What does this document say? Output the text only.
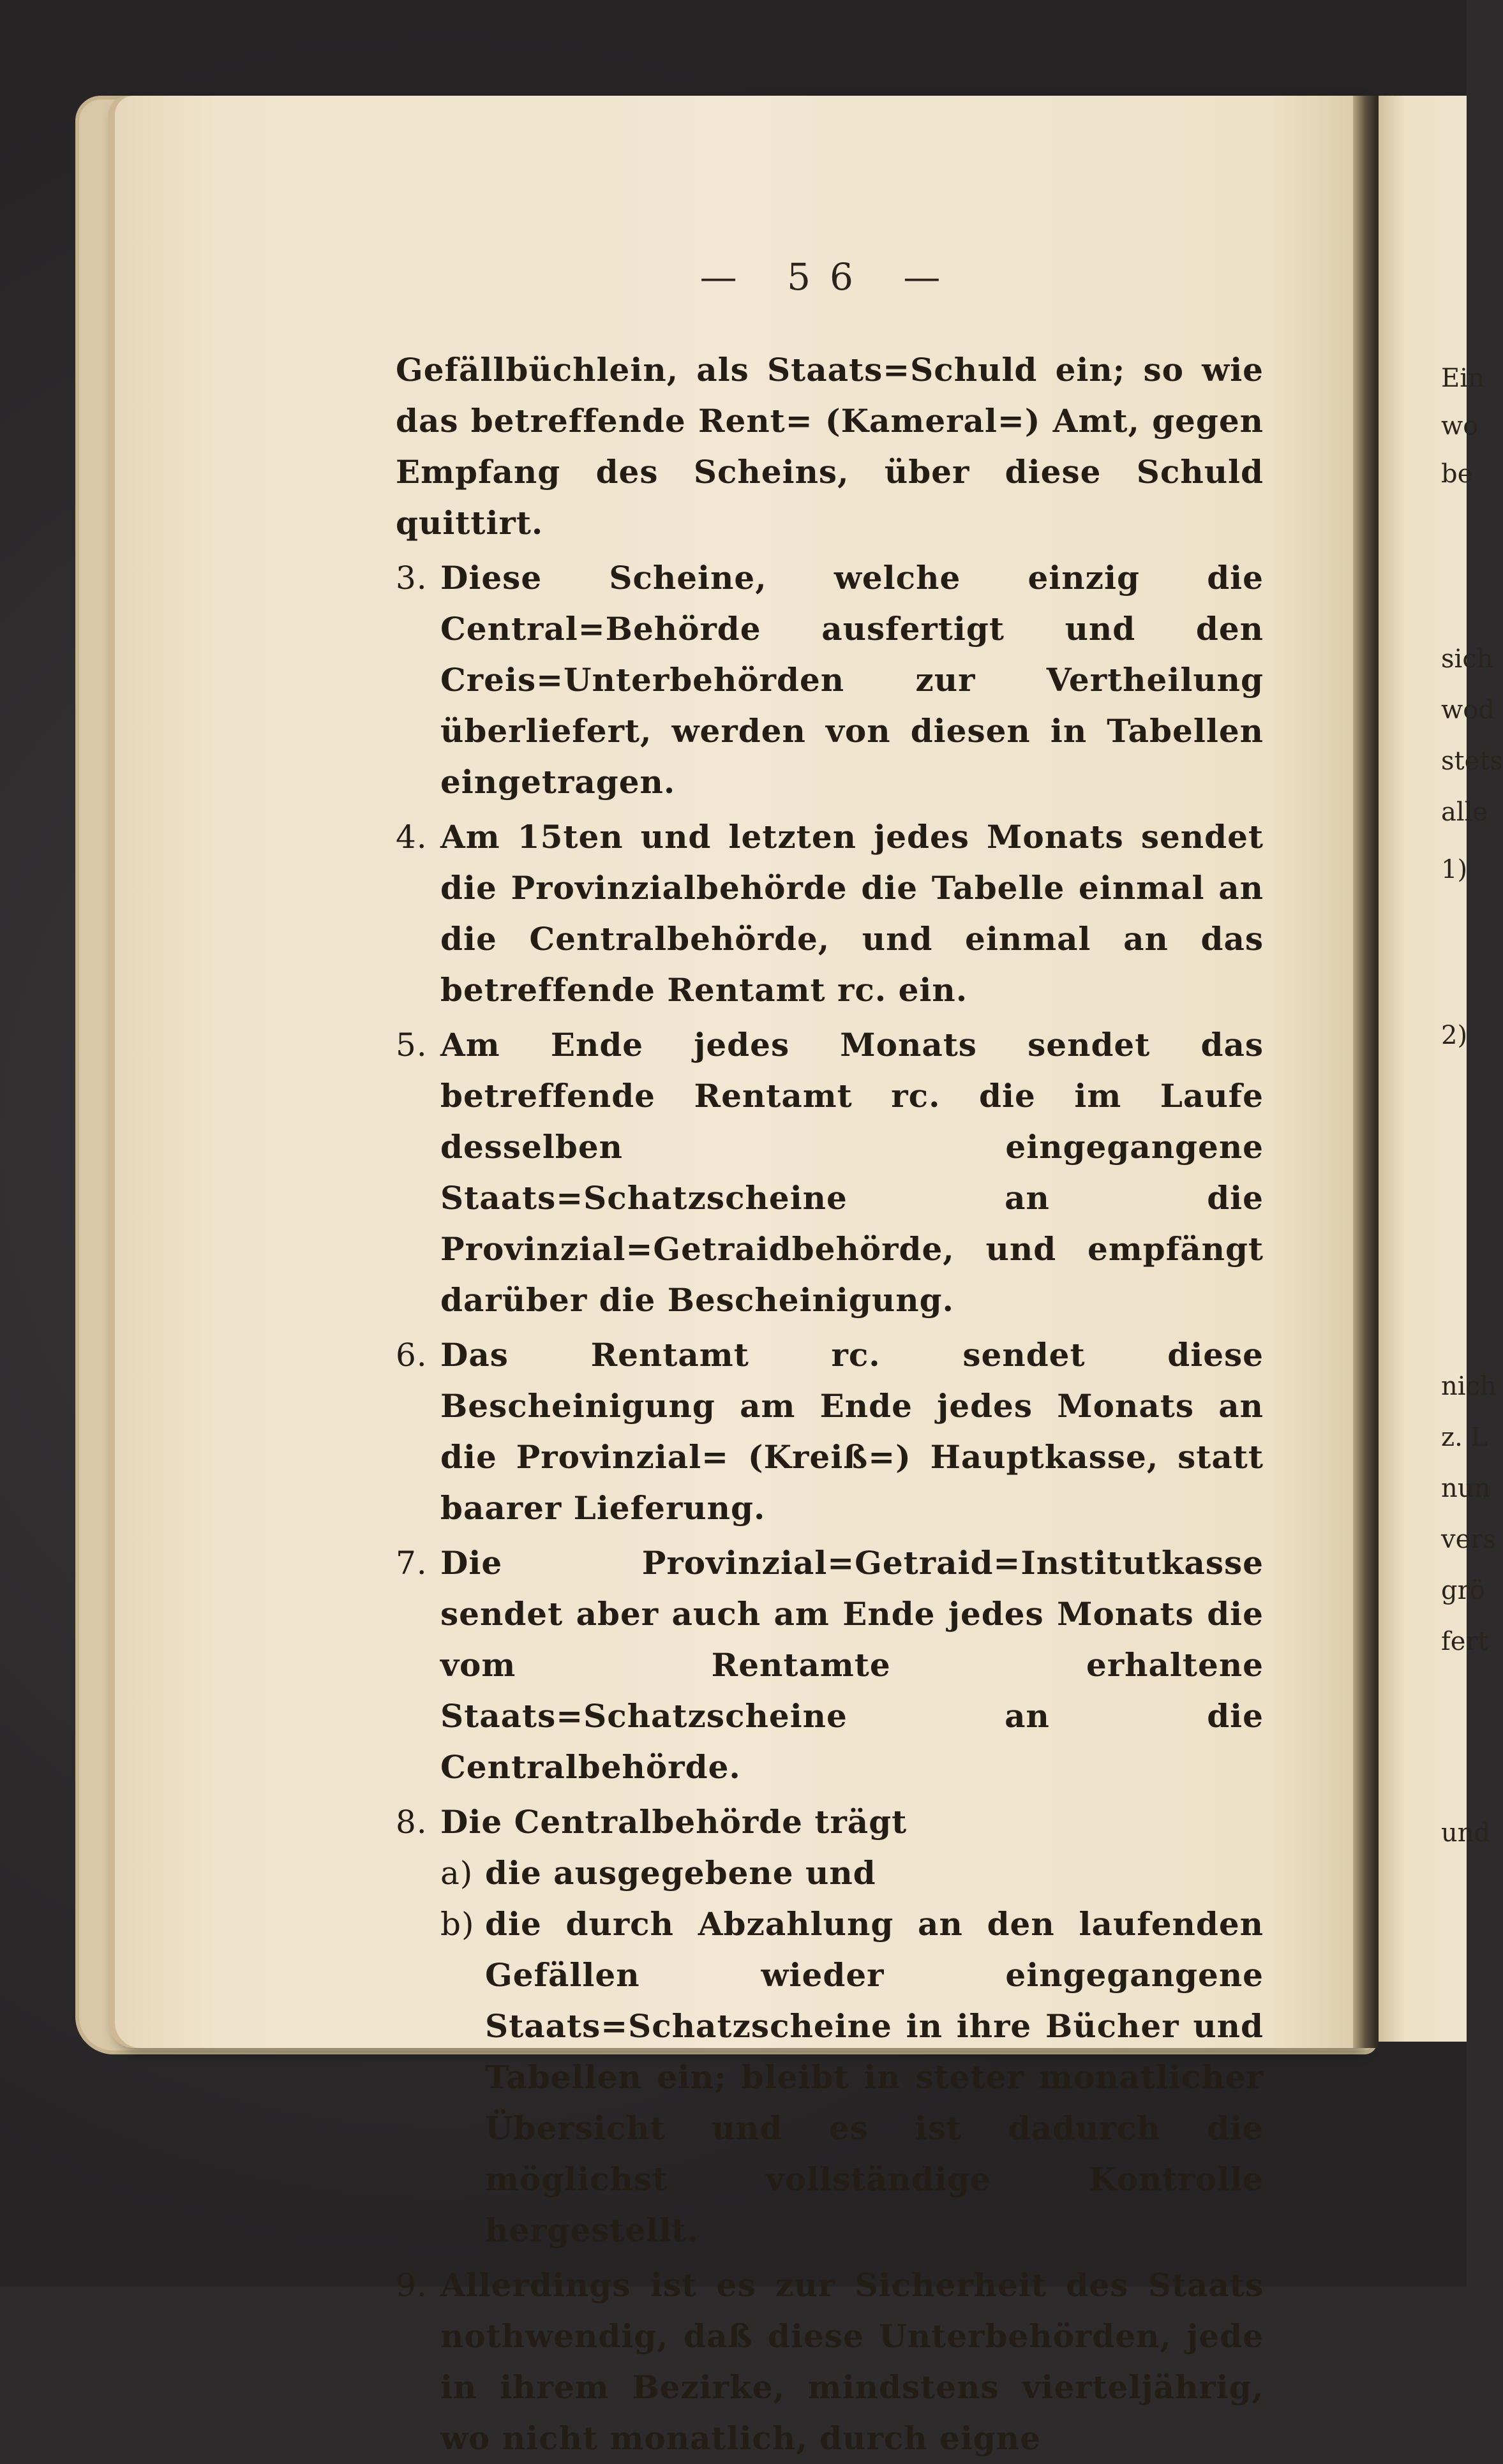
Ein
wo
be
sich
wod
stets
alle
1)
2)
nich
z. L
nun
vers
grö
fert
und
— 56 —

Gefällbüchlein, als Staats=Schuld ein; so wie das betreffende Rent= (Kameral=) Amt, gegen Empfang des Scheins, über diese Schuld quittirt.

3. Diese Scheine, welche einzig die Central=Behörde ausfertigt und den Creis=Unterbehörden zur Vertheilung überliefert, werden von diesen in Tabellen eingetragen.
4. Am 15ten und letzten jedes Monats sendet die Provinzialbehörde die Tabelle einmal an die Centralbehörde, und einmal an das betreffende Rentamt rc. ein.
5. Am Ende jedes Monats sendet das betreffende Rentamt rc. die im Laufe desselben eingegangene Staats=Schatzscheine an die Provinzial=Getraidbehörde, und empfängt darüber die Bescheinigung.
6. Das Rentamt rc. sendet diese Bescheinigung am Ende jedes Monats an die Provinzial= (Kreiß=) Hauptkasse, statt baarer Lieferung.
7. Die Provinzial=Getraid=Institutkasse sendet aber auch am Ende jedes Monats die vom Rentamte erhaltene Staats=Schatzscheine an die Centralbehörde.
8. Die Centralbehörde trägt
a) die ausgegebene und
b) die durch Abzahlung an den laufenden Gefällen wieder eingegangene Staats=Schatzscheine in ihre Bücher und Tabellen ein; bleibt in steter monatlicher Übersicht und es ist dadurch die möglichst vollständige Kontrolle hergestellt.
9. Allerdings ist es zur Sicherheit des Staats nothwendig, daß diese Unterbehörden, jede in ihrem Bezirke, mindstens vierteljährig, wo nicht monatlich, durch eigne
